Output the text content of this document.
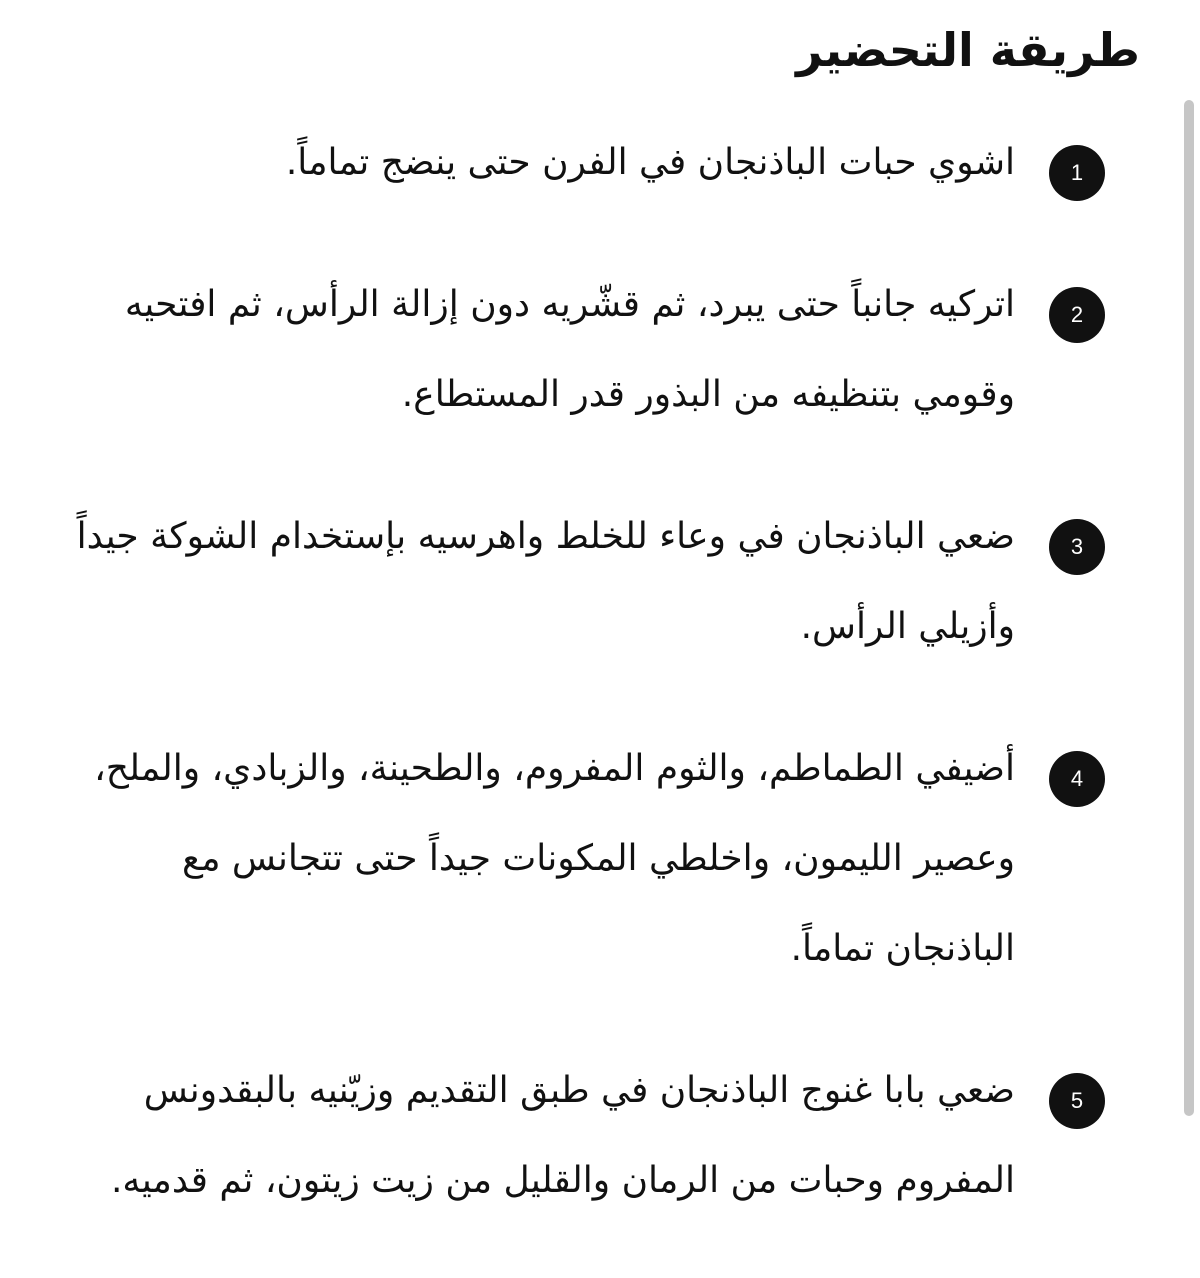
طريقة التحضير
1
اشوي حبات الباذنجان في الفرن حتى ينضج تماماً.
2
اتركيه جانباً حتى يبرد، ثم قشّريه دون إزالة الرأس، ثم افتحيه وقومي بتنظيفه من البذور قدر المستطاع.
3
ضعي الباذنجان في وعاء للخلط واهرسيه بإستخدام الشوكة جيداً وأزيلي الرأس.
4
أضيفي الطماطم، والثوم المفروم، والطحينة، والزبادي، والملح، وعصير الليمون، واخلطي المكونات جيداً حتى تتجانس مع الباذنجان تماماً.
5
ضعي بابا غنوج الباذنجان في طبق التقديم وزيّنيه بالبقدونس المفروم وحبات من الرمان والقليل من زيت زيتون، ثم قدميه.
